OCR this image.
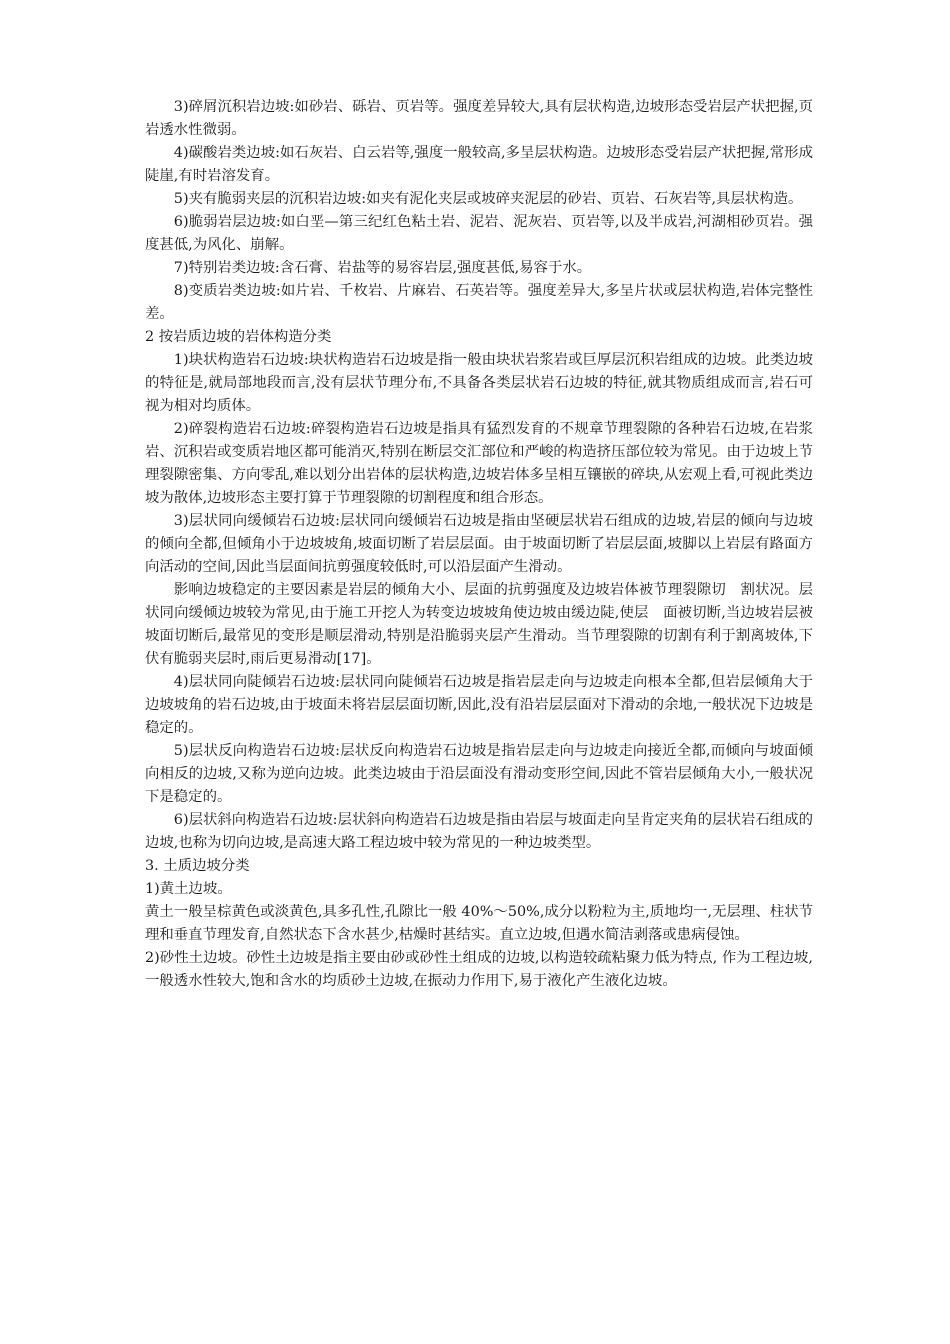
3)碎屑沉积岩边坡:如砂岩、砾岩、页岩等。强度差异较大,具有层状构造,边坡形态受岩层产状把握,页岩透水性微弱。

4)碳酸岩类边坡:如石灰岩、白云岩等,强度一般较高,多呈层状构造。边坡形态受岩层产状把握,常形成陡崖,有时岩溶发育。

5)夹有脆弱夹层的沉积岩边坡:如夹有泥化夹层或坡碎夹泥层的砂岩、页岩、石灰岩等,具层状构造。

6)脆弱岩层边坡:如白垩—第三纪红色粘土岩、泥岩、泥灰岩、页岩等,以及半成岩,河湖相砂页岩。强度甚低,为风化、崩解。

7)特别岩类边坡:含石膏、岩盐等的易容岩层,强度甚低,易容于水。

8)变质岩类边坡:如片岩、千枚岩、片麻岩、石英岩等。强度差异大,多呈片状或层状构造,岩体完整性差。

2 按岩质边坡的岩体构造分类

1)块状构造岩石边坡:块状构造岩石边坡是指一般由块状岩浆岩或巨厚层沉积岩组成的边坡。此类边坡的特征是,就局部地段而言,没有层状节理分布,不具备各类层状岩石边坡的特征,就其物质组成而言,岩石可视为相对均质体。

2)碎裂构造岩石边坡:碎裂构造岩石边坡是指具有猛烈发育的不规章节理裂隙的各种岩石边坡,在岩浆岩、沉积岩或变质岩地区都可能消灭,特别在断层交汇部位和严峻的构造挤压部位较为常见。由于边坡上节理裂隙密集、方向零乱,难以划分出岩体的层状构造,边坡岩体多呈相互镶嵌的碎块,从宏观上看,可视此类边坡为散体,边坡形态主要打算于节理裂隙的切割程度和组合形态。

3)层状同向缓倾岩石边坡:层状同向缓倾岩石边坡是指由坚硬层状岩石组成的边坡,岩层的倾向与边坡的倾向全都,但倾角小于边坡坡角,坡面切断了岩层层面。由于坡面切断了岩层层面,坡脚以上岩层有路面方向活动的空间,因此当层面间抗剪强度较低时,可以沿层面产生滑动。

影响边坡稳定的主要因素是岩层的倾角大小、层面的抗剪强度及边坡岩体被节理裂隙切　割状况。层状同向缓倾边坡较为常见,由于施工开挖人为转变边坡坡角使边坡由缓边陡,使层　面被切断,当边坡岩层被坡面切断后,最常见的变形是顺层滑动,特别是沿脆弱夹层产生滑动。当节理裂隙的切割有利于割离坡体,下伏有脆弱夹层时,雨后更易滑动[17]。

4)层状同向陡倾岩石边坡:层状同向陡倾岩石边坡是指岩层走向与边坡走向根本全都,但岩层倾角大于边坡坡角的岩石边坡,由于坡面未将岩层层面切断,因此,没有沿岩层层面对下滑动的余地,一般状况下边坡是稳定的。

5)层状反向构造岩石边坡:层状反向构造岩石边坡是指岩层走向与边坡走向接近全都,而倾向与坡面倾向相反的边坡,又称为逆向边坡。此类边坡由于沿层面没有滑动变形空间,因此不管岩层倾角大小,一般状况下是稳定的。

6)层状斜向构造岩石边坡:层状斜向构造岩石边坡是指由岩层与坡面走向呈肯定夹角的层状岩石组成的边坡,也称为切向边坡,是高速大路工程边坡中较为常见的一种边坡类型。

3. 土质边坡分类

1)黄土边坡。

黄土一般呈棕黄色或淡黄色,具多孔性,孔隙比一般 40%～50%,成分以粉粒为主,质地均一,无层理、柱状节理和垂直节理发育,自然状态下含水甚少,枯燥时甚结实。直立边坡,但遇水简洁剥落或患病侵蚀。

2)砂性土边坡。砂性土边坡是指主要由砂或砂性土组成的边坡,以构造较疏粘聚力低为特点, 作为工程边坡,一般透水性较大,饱和含水的均质砂土边坡,在振动力作用下,易于液化产生液化边坡。
